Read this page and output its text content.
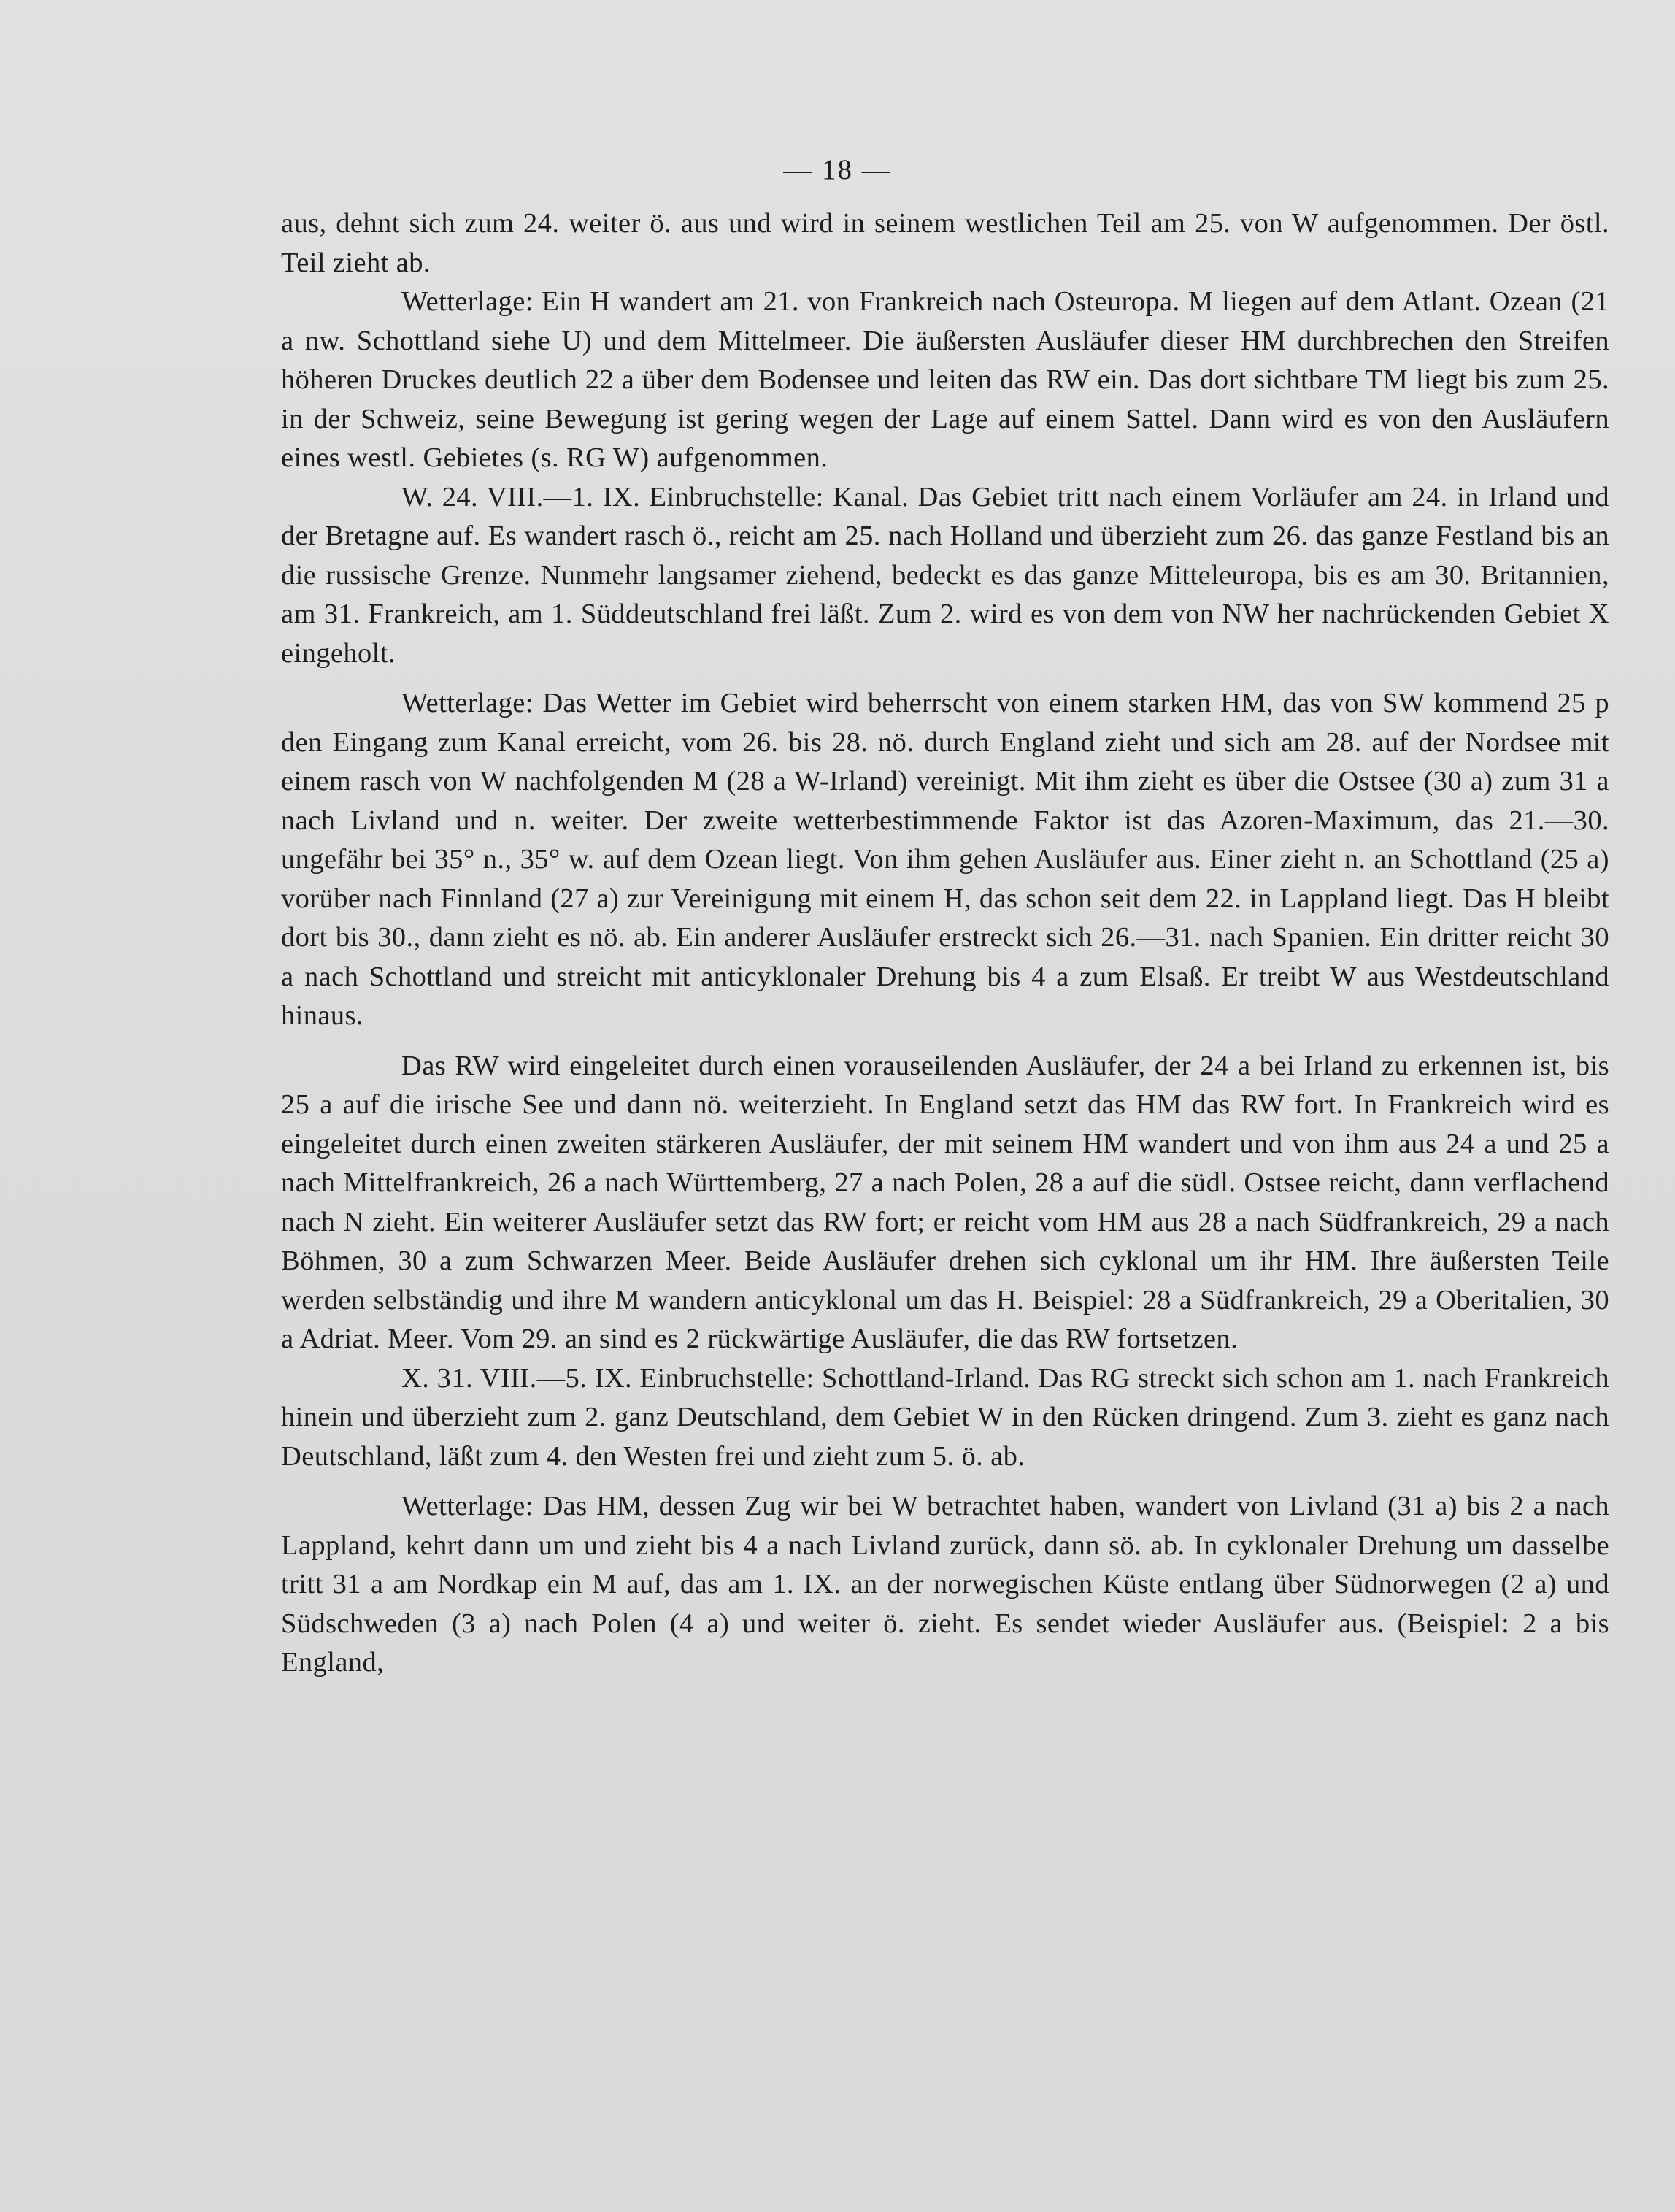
— 18 —

aus, dehnt sich zum 24. weiter ö. aus und wird in seinem westlichen Teil am 25. von W aufgenommen. Der östl. Teil zieht ab.

Wetterlage: Ein H wandert am 21. von Frankreich nach Osteuropa. M liegen auf dem Atlant. Ozean (21 a nw. Schottland siehe U) und dem Mittelmeer. Die äußersten Ausläufer dieser HM durchbrechen den Streifen höheren Druckes deutlich 22 a über dem Bodensee und leiten das RW ein. Das dort sichtbare TM liegt bis zum 25. in der Schweiz, seine Bewegung ist gering wegen der Lage auf einem Sattel. Dann wird es von den Ausläufern eines westl. Gebietes (s. RG W) aufgenommen.

W. 24. VIII.—1. IX. Einbruchstelle: Kanal. Das Gebiet tritt nach einem Vorläufer am 24. in Irland und der Bretagne auf. Es wandert rasch ö., reicht am 25. nach Holland und überzieht zum 26. das ganze Festland bis an die russische Grenze. Nunmehr langsamer ziehend, bedeckt es das ganze Mitteleuropa, bis es am 30. Britannien, am 31. Frankreich, am 1. Süddeutschland frei läßt. Zum 2. wird es von dem von NW her nachrückenden Gebiet X eingeholt.

Wetterlage: Das Wetter im Gebiet wird beherrscht von einem starken HM, das von SW kommend 25 p den Eingang zum Kanal erreicht, vom 26. bis 28. nö. durch England zieht und sich am 28. auf der Nordsee mit einem rasch von W nachfolgenden M (28 a W-Irland) vereinigt. Mit ihm zieht es über die Ostsee (30 a) zum 31 a nach Livland und n. weiter. Der zweite wetterbestimmende Faktor ist das Azoren-Maximum, das 21.—30. ungefähr bei 35° n., 35° w. auf dem Ozean liegt. Von ihm gehen Ausläufer aus. Einer zieht n. an Schottland (25 a) vorüber nach Finnland (27 a) zur Vereinigung mit einem H, das schon seit dem 22. in Lappland liegt. Das H bleibt dort bis 30., dann zieht es nö. ab. Ein anderer Ausläufer erstreckt sich 26.—31. nach Spanien. Ein dritter reicht 30 a nach Schottland und streicht mit anticyklonaler Drehung bis 4 a zum Elsaß. Er treibt W aus Westdeutschland hinaus.

Das RW wird eingeleitet durch einen vorauseilenden Ausläufer, der 24 a bei Irland zu erkennen ist, bis 25 a auf die irische See und dann nö. weiterzieht. In England setzt das HM das RW fort. In Frankreich wird es eingeleitet durch einen zweiten stärkeren Ausläufer, der mit seinem HM wandert und von ihm aus 24 a und 25 a nach Mittelfrankreich, 26 a nach Württemberg, 27 a nach Polen, 28 a auf die südl. Ostsee reicht, dann verflachend nach N zieht. Ein weiterer Ausläufer setzt das RW fort; er reicht vom HM aus 28 a nach Südfrankreich, 29 a nach Böhmen, 30 a zum Schwarzen Meer. Beide Ausläufer drehen sich cyklonal um ihr HM. Ihre äußersten Teile werden selbständig und ihre M wandern anticyklonal um das H. Beispiel: 28 a Südfrankreich, 29 a Oberitalien, 30 a Adriat. Meer. Vom 29. an sind es 2 rückwärtige Ausläufer, die das RW fortsetzen.

X. 31. VIII.—5. IX. Einbruchstelle: Schottland-Irland. Das RG streckt sich schon am 1. nach Frankreich hinein und überzieht zum 2. ganz Deutschland, dem Gebiet W in den Rücken dringend. Zum 3. zieht es ganz nach Deutschland, läßt zum 4. den Westen frei und zieht zum 5. ö. ab.

Wetterlage: Das HM, dessen Zug wir bei W betrachtet haben, wandert von Livland (31 a) bis 2 a nach Lappland, kehrt dann um und zieht bis 4 a nach Livland zurück, dann sö. ab. In cyklonaler Drehung um dasselbe tritt 31 a am Nordkap ein M auf, das am 1. IX. an der norwegischen Küste entlang über Südnorwegen (2 a) und Südschweden (3 a) nach Polen (4 a) und weiter ö. zieht. Es sendet wieder Ausläufer aus. (Beispiel: 2 a bis England,
